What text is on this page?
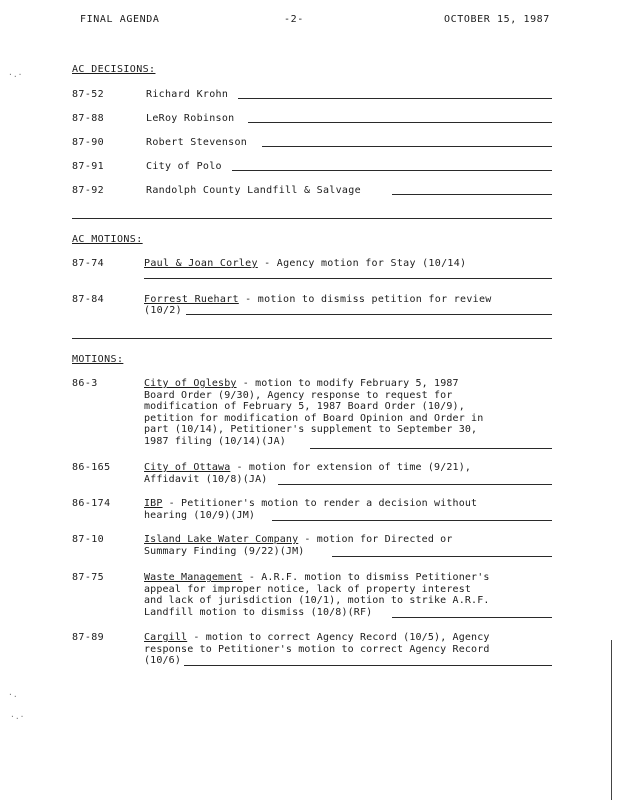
FINAL AGENDA	-2-	OCTOBER 15, 1987
AC DECISIONS:
87-52	Richard Krohn
87-88	LeRoy Robinson
87-90	Robert Stevenson
87-91	City of Polo
87-92	Randolph County Landfill & Salvage
AC MOTIONS:
87-74	Paul & Joan Corley - Agency motion for Stay (10/14)
87-84	Forrest Ruehart - motion to dismiss petition for review
(10/2)
MOTIONS:
86-3	City of Oglesby - motion to modify February 5, 1987
Board Order (9/30), Agency response to request for
modification of February 5, 1987 Board Order (10/9),
petition for modification of Board Opinion and Order in
part (10/14), Petitioner's supplement to September 30,
1987 filing (10/14)(JA)
86-165	City of Ottawa - motion for extension of time (9/21),
Affidavit (10/8)(JA)
86-174	IBP - Petitioner's motion to render a decision without
hearing (10/9)(JM)
87-10	Island Lake Water Company - motion for Directed or
Summary Finding (9/22)(JM)
87-75	Waste Management - A.R.F. motion to dismiss Petitioner's
appeal for improper notice, lack of property interest
and lack of jurisdiction (10/1), motion to strike A.R.F.
Landfill motion to dismiss (10/8)(RF)
87-89	Cargill - motion to correct Agency Record (10/5), Agency
response to Petitioner's motion to correct Agency Record
(10/6)
·.·
·.
·.·
